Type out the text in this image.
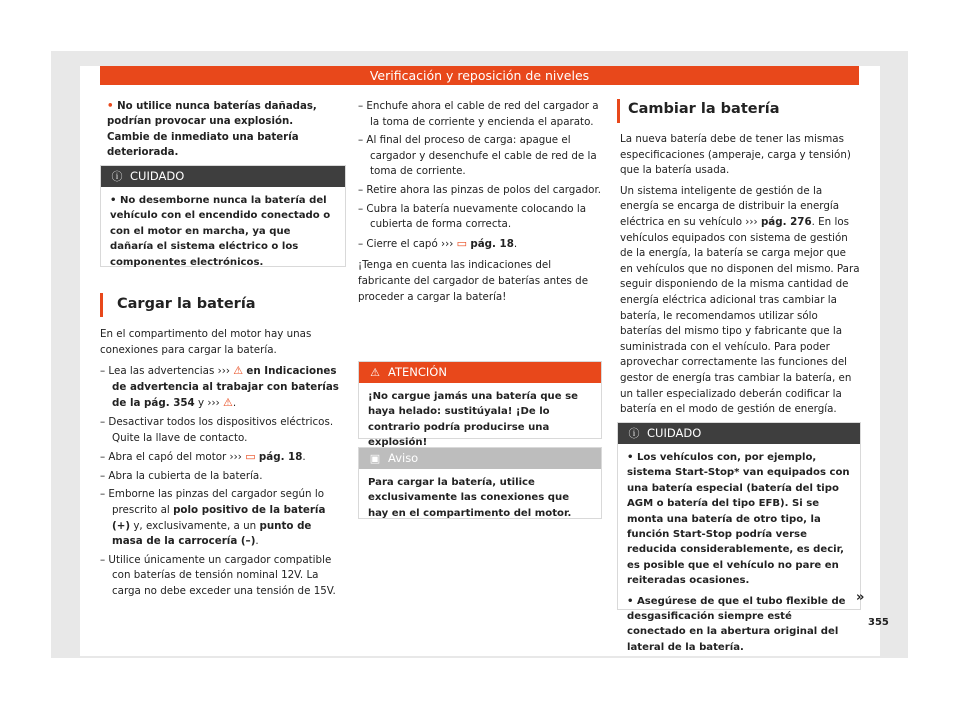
Verificación y reposición de niveles
• No utilice nunca baterías dañadas, podrían provocar una explosión. Cambie de inmediato una batería deteriorada.
ⓘ CUIDADO
• No desemborne nunca la batería del vehículo con el encendido conectado o con el motor en marcha, ya que dañaría el sistema eléctrico o los componentes electrónicos.
Cargar la batería

En el compartimento del motor hay unas conexiones para cargar la batería.

– Lea las advertencias ››› ⚠ en Indicaciones de advertencia al trabajar con baterías de la pág. 354 y ››› ⚠.
– Desactivar todos los dispositivos eléctricos. Quite la llave de contacto.
– Abra el capó del motor ››› ▭ pág. 18.
– Abra la cubierta de la batería.
– Emborne las pinzas del cargador según lo prescrito al polo positivo de la batería (+) y, exclusivamente, a un punto de masa de la carrocería (–).
– Utilice únicamente un cargador compatible con baterías de tensión nominal 12V. La carga no debe exceder una tensión de 15V.
– Enchufe ahora el cable de red del cargador a la toma de corriente y encienda el aparato.
– Al final del proceso de carga: apague el cargador y desenchufe el cable de red de la toma de corriente.
– Retire ahora las pinzas de polos del cargador.
– Cubra la batería nuevamente colocando la cubierta de forma correcta.
– Cierre el capó ››› ▭ pág. 18.

¡Tenga en cuenta las indicaciones del fabricante del cargador de baterías antes de proceder a cargar la batería!

⚠ ATENCIÓN
¡No cargue jamás una batería que se haya helado: sustitúyala! ¡De lo contrario podría producirse una explosión!
▣ Aviso
Para cargar la batería, utilice exclusivamente las conexiones que hay en el compartimento del motor.
Cambiar la batería

La nueva batería debe de tener las mismas especificaciones (amperaje, carga y tensión) que la batería usada.

Un sistema inteligente de gestión de la energía se encarga de distribuir la energía eléctrica en su vehículo ››› pág. 276. En los vehículos equipados con sistema de gestión de la energía, la batería se carga mejor que en vehículos que no disponen del mismo. Para seguir disponiendo de la misma cantidad de energía eléctrica adicional tras cambiar la batería, le recomendamos utilizar sólo baterías del mismo tipo y fabricante que la suministrada con el vehículo. Para poder aprovechar correctamente las funciones del gestor de energía tras cambiar la batería, en un taller especializado deberán codificar la batería en el modo de gestión de energía.

ⓘ CUIDADO

• Los vehículos con, por ejemplo, sistema Start-Stop* van equipados con una batería especial (batería del tipo AGM o batería del tipo EFB). Si se monta una batería de otro tipo, la función Start-Stop podría verse reducida considerablemente, es decir, es posible que el vehículo no pare en reiteradas ocasiones.

• Asegúrese de que el tubo flexible de desgasificación siempre esté conectado en la abertura original del lateral de la batería.

»
355
